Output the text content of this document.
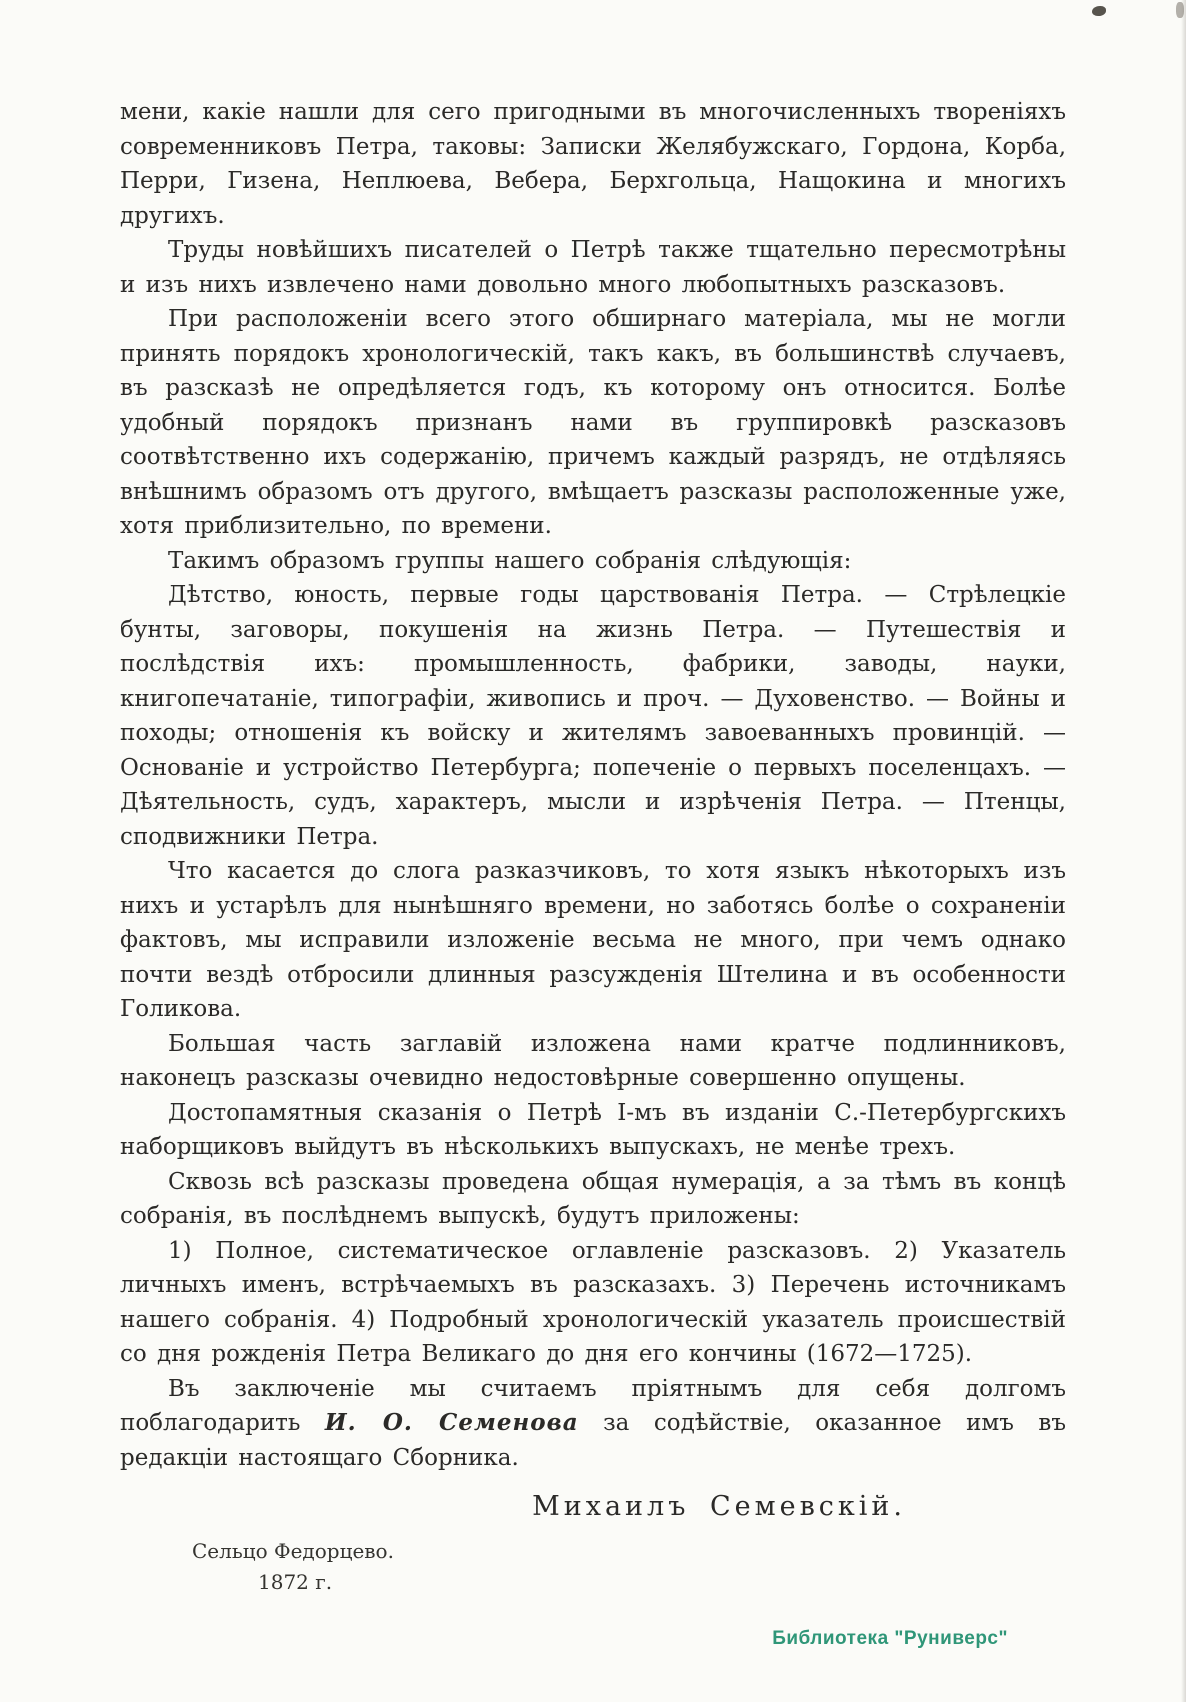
мени, какіе нашли для сего пригодными въ многочисленныхъ твореніяхъ современниковъ Петра, таковы: Записки Желябужскаго, Гордона, Корба, Перри, Гизена, Неплюева, Вебера, Берхгольца, Нащокина и многихъ другихъ.

Труды новѣйшихъ писателей о Петрѣ также тщательно пересмотрѣны и изъ нихъ извлечено нами довольно много любопытныхъ разсказовъ.

При расположеніи всего этого обширнаго матеріала, мы не могли принять порядокъ хронологическій, такъ какъ, въ большинствѣ случаевъ, въ разсказѣ не опредѣляется годъ, къ которому онъ относится. Болѣе удобный порядокъ признанъ нами въ группировкѣ разсказовъ соотвѣтственно ихъ содержанію, причемъ каждый разрядъ, не отдѣляясь внѣшнимъ образомъ отъ другого, вмѣщаетъ разсказы расположенные уже, хотя приблизительно, по времени.

Такимъ образомъ группы нашего собранія слѣдующія:

Дѣтство, юность, первые годы царствованія Петра. — Стрѣлецкіе бунты, заговоры, покушенія на жизнь Петра. — Путешествія и послѣдствія ихъ: промышленность, фабрики, заводы, науки, книгопечатаніе, типографіи, живопись и проч. — Духовенство. — Войны и походы; отношенія къ войску и жителямъ завоеванныхъ провинцій. — Основаніе и устройство Петербурга; попеченіе о первыхъ поселенцахъ. — Дѣятельность, судъ, характеръ, мысли и изрѣченія Петра. — Птенцы, сподвижники Петра.

Что касается до слога разказчиковъ, то хотя языкъ нѣкоторыхъ изъ нихъ и устарѣлъ для нынѣшняго времени, но заботясь болѣе о сохраненіи фактовъ, мы исправили изложеніе весьма не много, при чемъ однако почти вездѣ отбросили длинныя разсужденія Штелина и въ особенности Голикова.

Большая часть заглавій изложена нами кратче подлинниковъ, наконецъ разсказы очевидно недостовѣрные совершенно опущены.

Достопамятныя сказанія о Петрѣ I-мъ въ изданіи С.-Петербургскихъ наборщиковъ выйдутъ въ нѣсколькихъ выпускахъ, не менѣе трехъ.

Сквозь всѣ разсказы проведена общая нумерація, а за тѣмъ въ концѣ собранія, въ послѣднемъ выпускѣ, будутъ приложены:

1) Полное, систематическое оглавленіе разсказовъ. 2) Указатель личныхъ именъ, встрѣчаемыхъ въ разсказахъ. 3) Перечень источникамъ нашего собранія. 4) Подробный хронологическій указатель происшествій со дня рожденія Петра Великаго до дня его кончины (1672—1725).

Въ заключеніе мы считаемъ пріятнымъ для себя долгомъ поблагодарить И. О. Семенова за содѣйствіе, оказанное имъ въ редакціи настоящаго Сборника.

Михаилъ Семевскій.
Сельцо Федорцево.
1872 г.
Библиотека "Руниверс"
